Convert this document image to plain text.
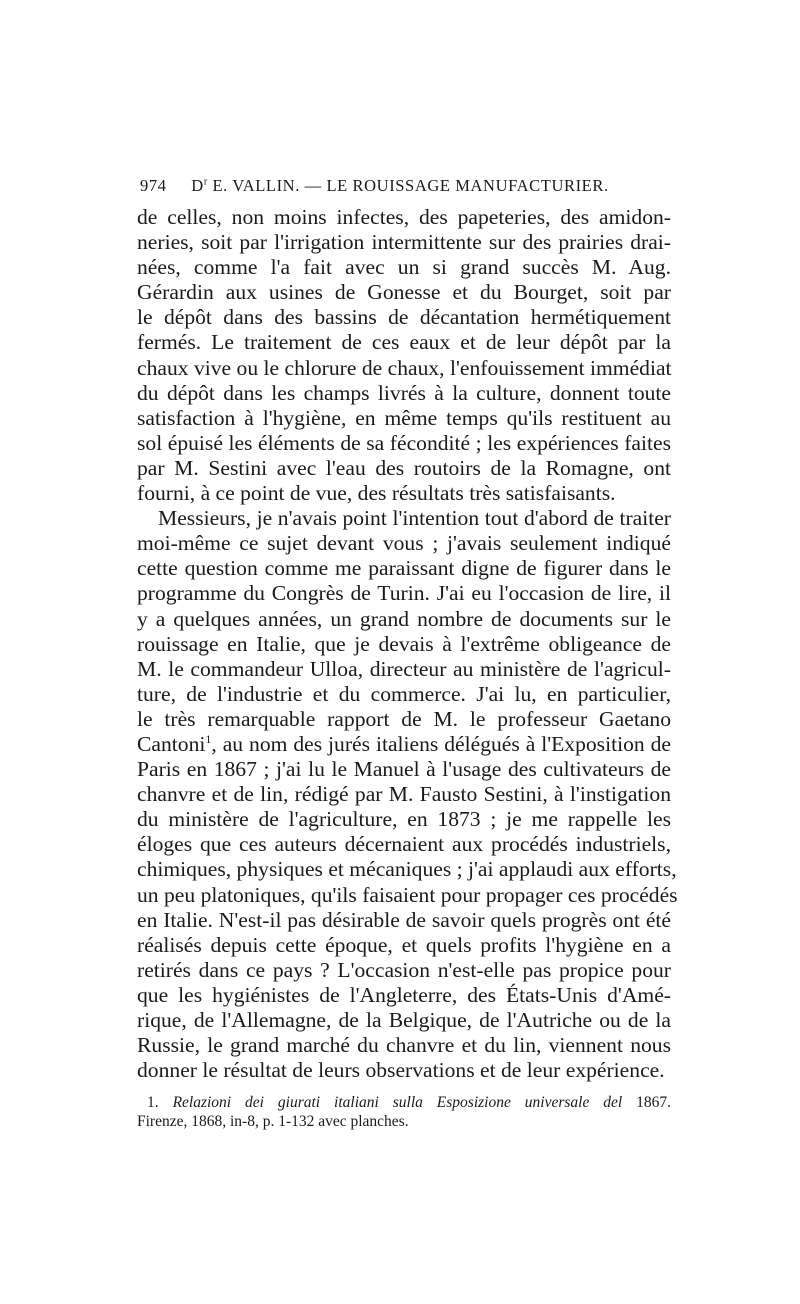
974 $D^r$ E. VALLIN. — LE ROUISSAGE MANUFACTURIER.
de celles, non moins infectes, des papeteries, des amidon-
neries, soit par l'irrigation intermittente sur des prairies drai-
nées, comme l'a fait avec un si grand succès M. Aug.
Gérardin aux usines de Gonesse et du Bourget, soit par
le dépôt dans des bassins de décantation hermétiquement
fermés. Le traitement de ces eaux et de leur dépôt par la
chaux vive ou le chlorure de chaux, l'enfouissement immédiat
du dépôt dans les champs livrés à la culture, donnent toute
satisfaction à l'hygiène, en même temps qu'ils restituent au
sol épuisé les éléments de sa fécondité ; les expériences faites
par M. Sestini avec l'eau des routoirs de la Romagne, ont
fourni, à ce point de vue, des résultats très satisfaisants.
Messieurs, je n'avais point l'intention tout d'abord de traiter
moi-même ce sujet devant vous ; j'avais seulement indiqué
cette question comme me paraissant digne de figurer dans le
programme du Congrès de Turin. J'ai eu l'occasion de lire, il
y a quelques années, un grand nombre de documents sur le
rouissage en Italie, que je devais à l'extrême obligeance de
M. le commandeur Ulloa, directeur au ministère de l'agricul-
ture, de l'industrie et du commerce. J'ai lu, en particulier,
le très remarquable rapport de M. le professeur Gaetano
Cantoni$^1$, au nom des jurés italiens délégués à l'Exposition de
Paris en 1867 ; j'ai lu le Manuel à l'usage des cultivateurs de
chanvre et de lin, rédigé par M. Fausto Sestini, à l'instigation
du ministère de l'agriculture, en 1873 ; je me rappelle les
éloges que ces auteurs décernaient aux procédés industriels,
chimiques, physiques et mécaniques ; j'ai applaudi aux efforts,
un peu platoniques, qu'ils faisaient pour propager ces procédés
en Italie. N'est-il pas désirable de savoir quels progrès ont été
réalisés depuis cette époque, et quels profits l'hygiène en a
retirés dans ce pays ? L'occasion n'est-elle pas propice pour
que les hygiénistes de l'Angleterre, des États-Unis d'Amé-
rique, de l'Allemagne, de la Belgique, de l'Autriche ou de la
Russie, le grand marché du chanvre et du lin, viennent nous
donner le résultat de leurs observations et de leur expérience.
1. Relazioni dei giurati italiani sulla Esposizione universale del 1867.
Firenze, 1868, in-8, p. 1-132 avec planches.
